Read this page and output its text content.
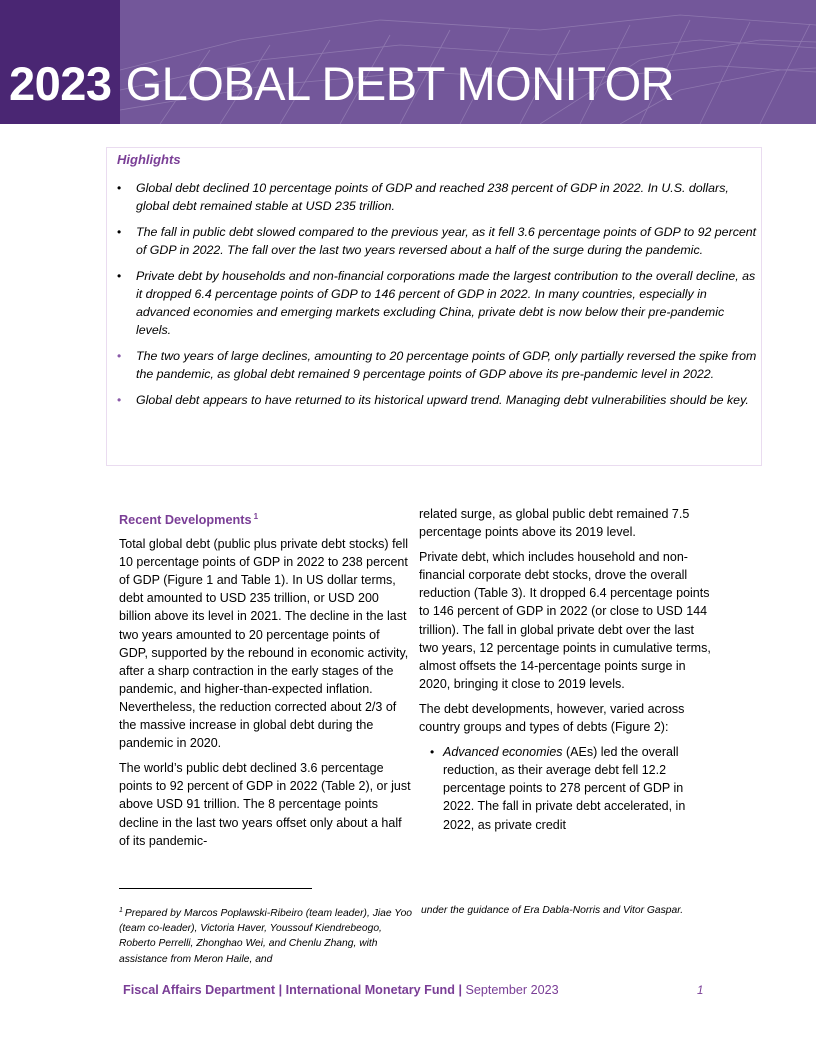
2023 GLOBAL DEBT MONITOR
Highlights
• Global debt declined 10 percentage points of GDP and reached 238 percent of GDP in 2022. In U.S. dollars, global debt remained stable at USD 235 trillion.
• The fall in public debt slowed compared to the previous year, as it fell 3.6 percentage points of GDP to 92 percent of GDP in 2022. The fall over the last two years reversed about a half of the surge during the pandemic.
• Private debt by households and non-financial corporations made the largest contribution to the overall decline, as it dropped 6.4 percentage points of GDP to 146 percent of GDP in 2022. In many countries, especially in advanced economies and emerging markets excluding China, private debt is now below their pre-pandemic levels.
• The two years of large declines, amounting to 20 percentage points of GDP, only partially reversed the spike from the pandemic, as global debt remained 9 percentage points of GDP above its pre-pandemic level in 2022.
• Global debt appears to have returned to its historical upward trend. Managing debt vulnerabilities should be key.
Recent Developments $^1$

Total global debt (public plus private debt stocks) fell 10 percentage points of GDP in 2022 to 238 percent of GDP (Figure 1 and Table 1). In US dollar terms, debt amounted to USD 235 trillion, or USD 200 billion above its level in 2021. The decline in the last two years amounted to 20 percentage points of GDP, supported by the rebound in economic activity, after a sharp contraction in the early stages of the pandemic, and higher-than-expected inflation. Nevertheless, the reduction corrected about 2/3 of the massive increase in global debt during the pandemic in 2020.

The world’s public debt declined 3.6 percentage points to 92 percent of GDP in 2022 (Table 2), or just above USD 91 trillion. The 8 percentage points decline in the last two years offset only about a half of its pandemic-

related surge, as global public debt remained 7.5 percentage points above its 2019 level.

Private debt, which includes household and non-financial corporate debt stocks, drove the overall reduction (Table 3). It dropped 6.4 percentage points to 146 percent of GDP in 2022 (or close to USD 144 trillion). The fall in global private debt over the last two years, 12 percentage points in cumulative terms, almost offsets the 14-percentage points surge in 2020, bringing it close to 2019 levels.

The debt developments, however, varied across country groups and types of debts (Figure 2):

• Advanced economies (AEs) led the overall reduction, as their average debt fell 12.2 percentage points to 278 percent of GDP in 2022. The fall in private debt accelerated, in 2022, as private credit

$^1$ Prepared by Marcos Poplawski-Ribeiro (team leader), Jiae Yoo (team co-leader), Victoria Haver, Youssouf Kiendrebeogo, Roberto Perrelli, Zhonghao Wei, and Chenlu Zhang, with assistance from Meron Haile, and
under the guidance of Era Dabla-Norris and Vitor Gaspar.
Fiscal Affairs Department | International Monetary Fund | September 2023	1
